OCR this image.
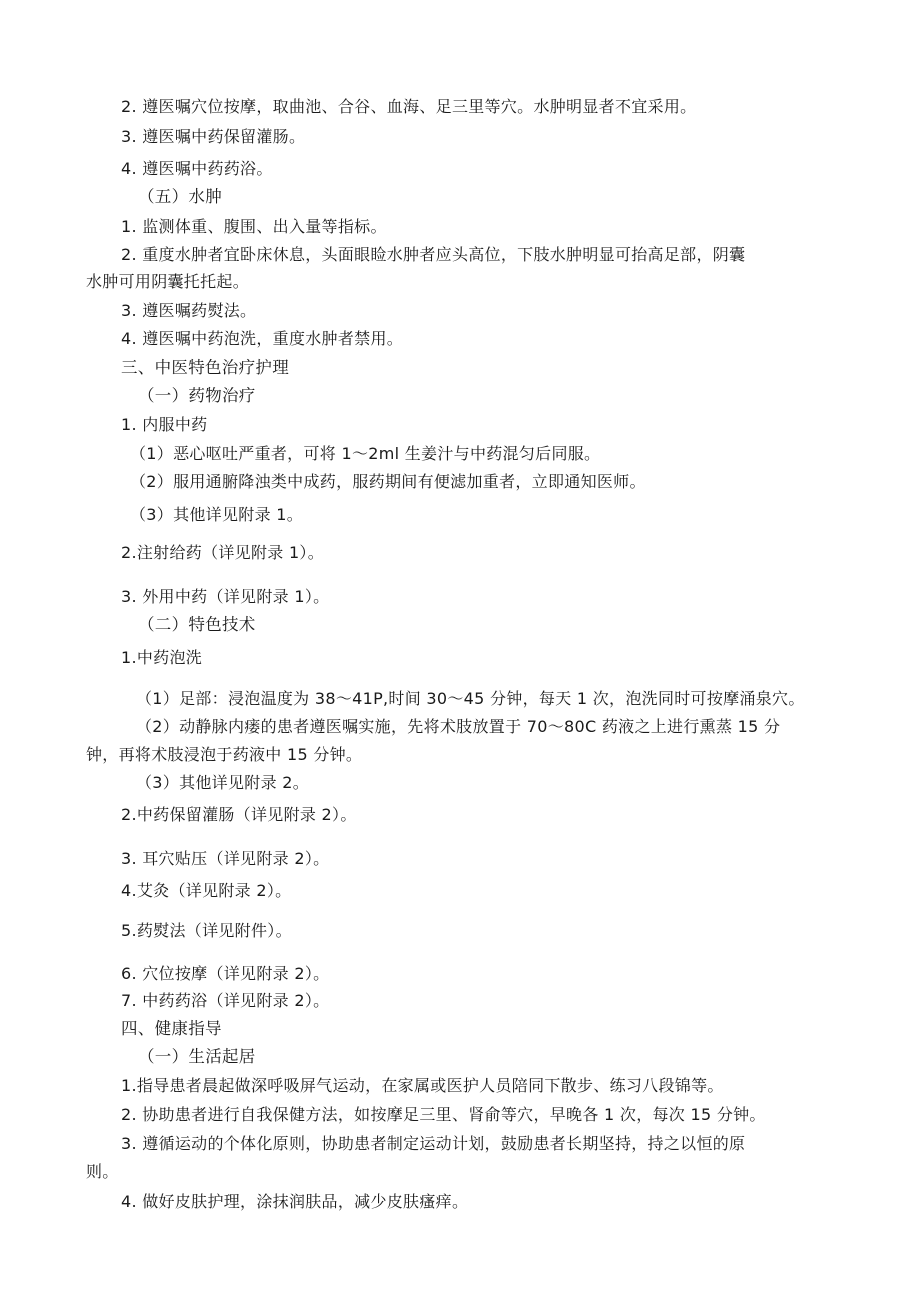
2. 遵医嘱穴位按摩，取曲池、合谷、血海、足三里等穴。水肿明显者不宜采用。
3. 遵医嘱中药保留灌肠。
4. 遵医嘱中药药浴。
（五）水肿
1. 监测体重、腹围、出入量等指标。
2. 重度水肿者宜卧床休息，头面眼睑水肿者应头高位，下肢水肿明显可抬高足部，阴囊
水肿可用阴囊托托起。
3. 遵医嘱药熨法。
4. 遵医嘱中药泡洗，重度水肿者禁用。
三、中医特色治疗护理
（一）药物治疗
1. 内服中药
（1）恶心呕吐严重者，可将 1～2ml 生姜汁与中药混匀后同服。
（2）服用通腑降浊类中成药，服药期间有便滤加重者，立即通知医师。
（3）其他详见附录 1。
2.注射给药（详见附录 1）。
3. 外用中药（详见附录 1）。
（二）特色技术
1.中药泡洗
（1）足部：浸泡温度为 38～41P,时间 30～45 分钟，每天 1 次，泡洗同时可按摩涌泉穴。
（2）动静脉内瘘的患者遵医嘱实施，先将术肢放置于 70～80C 药液之上进行熏蒸 15 分
钟，再将术肢浸泡于药液中 15 分钟。
（3）其他详见附录 2。
2.中药保留灌肠（详见附录 2）。
3. 耳穴贴压（详见附录 2）。
4.艾灸（详见附录 2）。
5.药熨法（详见附件）。
6. 穴位按摩（详见附录 2）。
7. 中药药浴（详见附录 2）。
四、健康指导
（一）生活起居
1.指导患者晨起做深呼吸屏气运动，在家属或医护人员陪同下散步、练习八段锦等。
2. 协助患者进行自我保健方法，如按摩足三里、肾俞等穴，早晚各 1 次，每次 15 分钟。
3. 遵循运动的个体化原则，协助患者制定运动计划，鼓励患者长期坚持，持之以恒的原
则。
4. 做好皮肤护理，涂抹润肤品，减少皮肤瘙痒。
